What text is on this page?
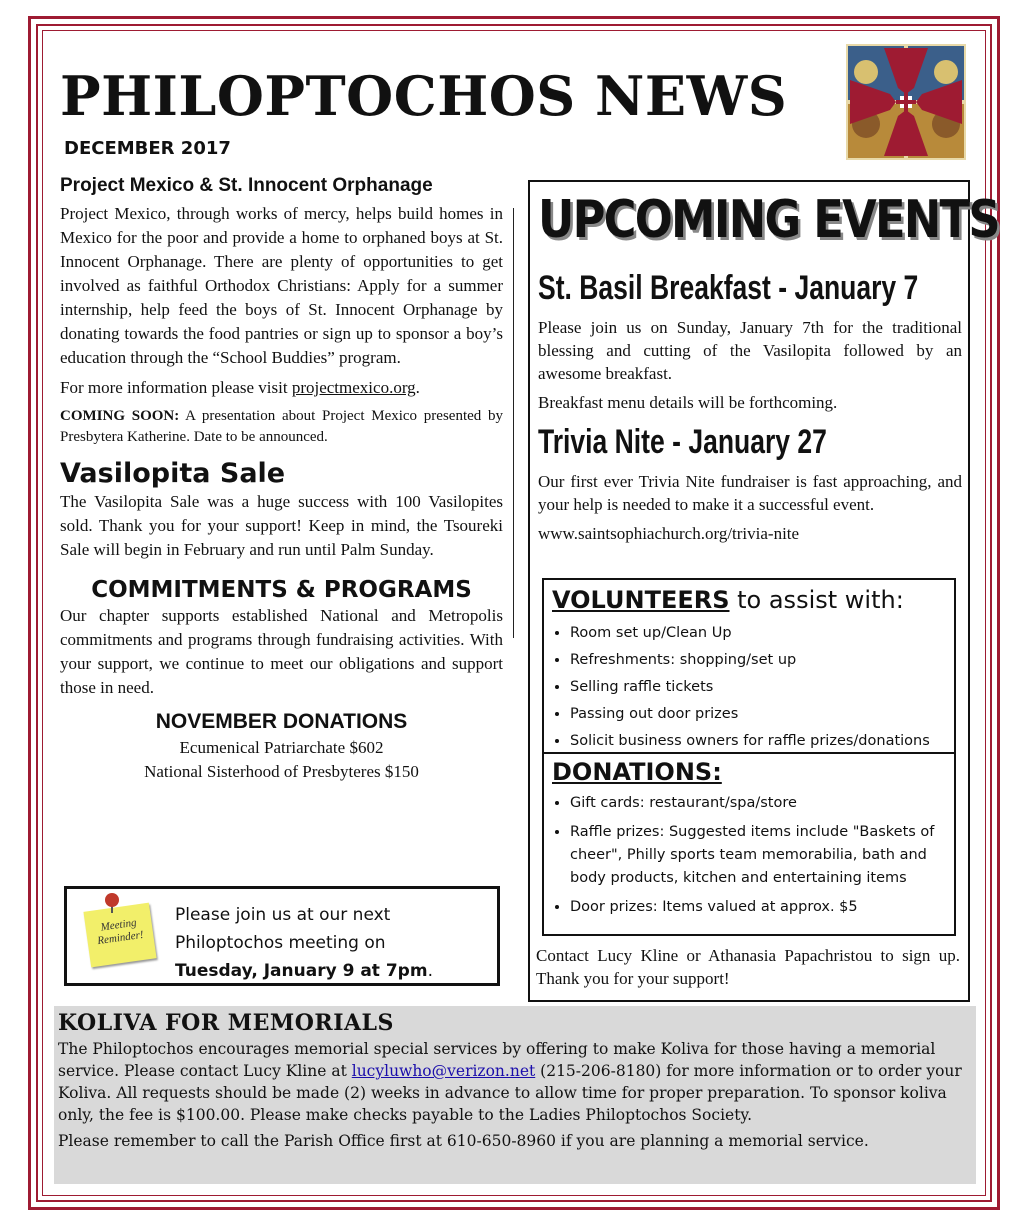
PHILOPTOCHOS NEWS
DECEMBER 2017
Project Mexico & St. Innocent Orphanage

Project Mexico, through works of mercy, helps build homes in Mexico for the poor and provide a home to orphaned boys at St. Innocent Orphanage. There are plenty of opportunities to get involved as faithful Orthodox Christians: Apply for a summer internship, help feed the boys of St. Innocent Orphanage by donating towards the food pantries or sign up to sponsor a boy’s education through the “School Buddies” program.

For more information please visit projectmexico.org.

COMING SOON: A presentation about Project Mexico presented by Presbytera Katherine. Date to be announced.

Vasilopita Sale

The Vasilopita Sale was a huge success with 100 Vasilopites sold. Thank you for your support! Keep in mind, the Tsoureki Sale will begin in February and run until Palm Sunday.

COMMITMENTS & PROGRAMS

Our chapter supports established National and Metropolis commitments and programs through fundraising activities. With your support, we continue to meet our obligations and support those in need.

NOVEMBER DONATIONS
Ecumenical Patriarchate $602
National Sisterhood of Presbyteres $150
Meeting
Reminder!
Please join us at our next
Philoptochos meeting on
Tuesday, January 9 at 7pm.
UPCOMING EVENTS
St. Basil Breakfast - January 7

Please join us on Sunday, January 7th for the traditional blessing and cutting of the Vasilopita followed by an awesome breakfast.

Breakfast menu details will be forthcoming.

Trivia Nite - January 27

Our first ever Trivia Nite fundraiser is fast approaching, and your help is needed to make it a successful event.

www.saintsophiachurch.org/trivia-nite

VOLUNTEERS to assist with:
• Room set up/Clean Up
• Refreshments: shopping/set up
• Selling raffle tickets
• Passing out door prizes
• Solicit business owners for raffle prizes/donations
DONATIONS:
• Gift cards: restaurant/spa/store
• Raffle prizes: Suggested items include "Baskets of cheer", Philly sports team memorabilia, bath and body products, kitchen and entertaining items
• Door prizes: Items valued at approx. $5
Contact Lucy Kline or Athanasia Papachristou to sign up. Thank you for your support!
KOLIVA FOR MEMORIALS

The Philoptochos encourages memorial special services by offering to make Koliva for those having a memorial service. Please contact Lucy Kline at lucyluwho@verizon.net (215-206-8180) for more information or to order your Koliva. All requests should be made (2) weeks in advance to allow time for proper preparation. To sponsor koliva only, the fee is $100.00. Please make checks payable to the Ladies Philoptochos Society.

Please remember to call the Parish Office first at 610-650-8960 if you are planning a memorial service.
